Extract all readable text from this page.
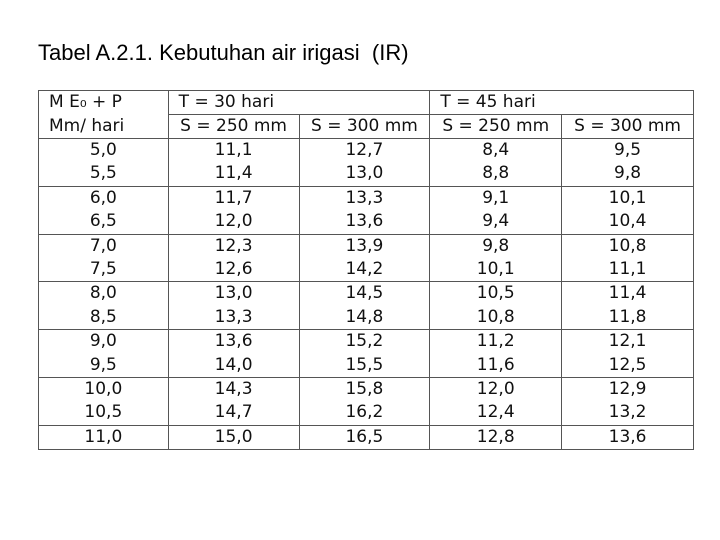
Tabel A.2.1. Kebutuhan air irigasi  (IR)
M E₀ + P	T = 30 hari		T = 45 hari	
Mm/ hari	S = 250 mm	S = 300 mm	S = 250 mm	S = 300 mm
5,0	11,1	12,7	8,4	9,5
5,5	11,4	13,0	8,8	9,8
6,0	11,7	13,3	9,1	10,1
6,5	12,0	13,6	9,4	10,4
7,0	12,3	13,9	9,8	10,8
7,5	12,6	14,2	10,1	11,1
8,0	13,0	14,5	10,5	11,4
8,5	13,3	14,8	10,8	11,8
9,0	13,6	15,2	11,2	12,1
9,5	14,0	15,5	11,6	12,5
10,0	14,3	15,8	12,0	12,9
10,5	14,7	16,2	12,4	13,2
11,0	15,0	16,5	12,8	13,6
